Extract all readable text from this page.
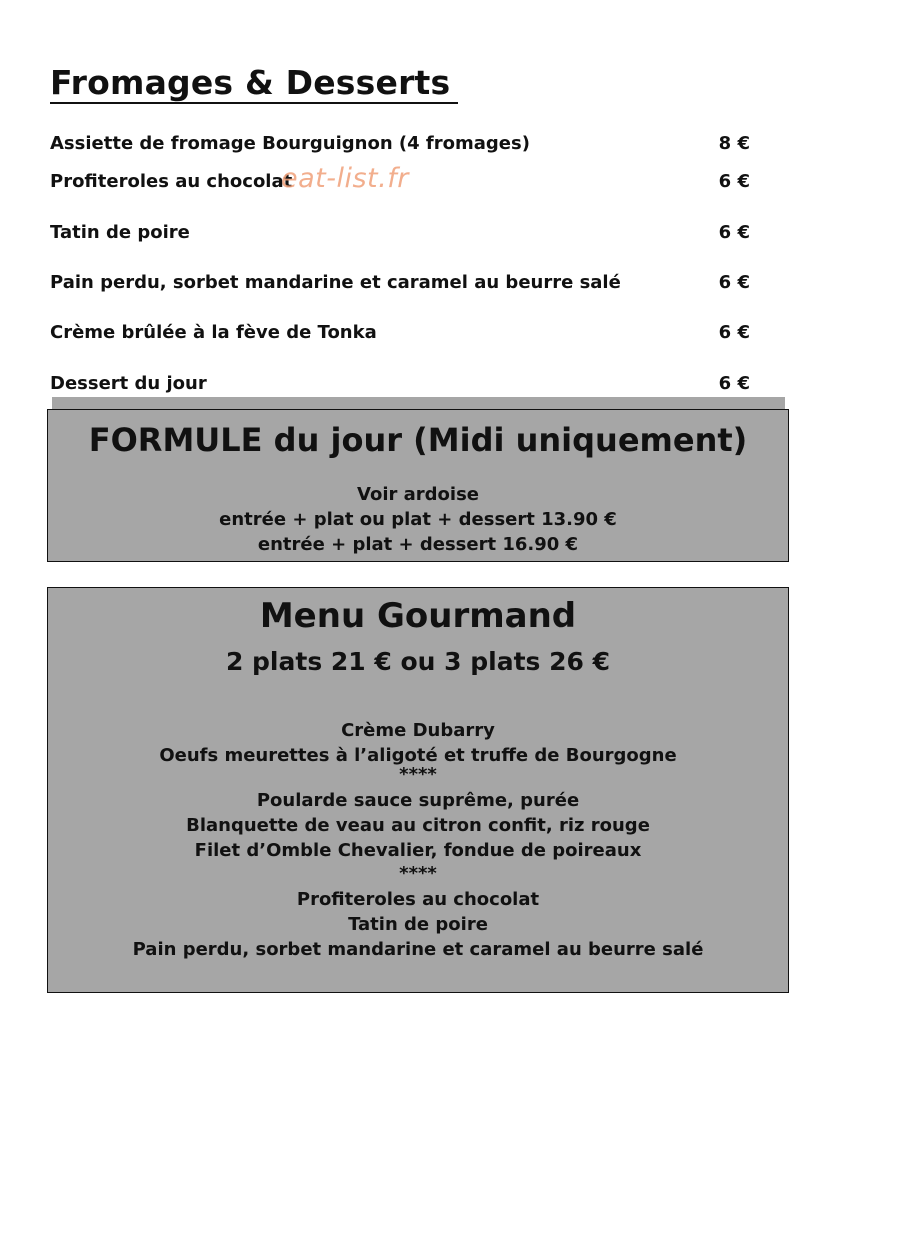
Fromages & Desserts
Assiette de fromage Bourguignon (4 fromages)	8 €
Profiteroles au chocolat	6 €
Tatin de poire	6 €
Pain perdu, sorbet mandarine et caramel au beurre salé	6 €
Crème brûlée à la fève de Tonka	6 €
Dessert du jour	6 €
eat-list.fr
FORMULE du jour (Midi uniquement)
Voir ardoise
entrée + plat ou plat + dessert 13.90 €
entrée + plat + dessert 16.90 €
Menu Gourmand
2 plats 21 € ou 3 plats 26 €
Crème Dubarry
Oeufs meurettes à l’aligoté et truffe de Bourgogne
****
Poularde sauce suprême, purée
Blanquette de veau au citron confit, riz rouge
Filet d’Omble Chevalier, fondue de poireaux
****
Profiteroles au chocolat
Tatin de poire
Pain perdu, sorbet mandarine et caramel au beurre salé
